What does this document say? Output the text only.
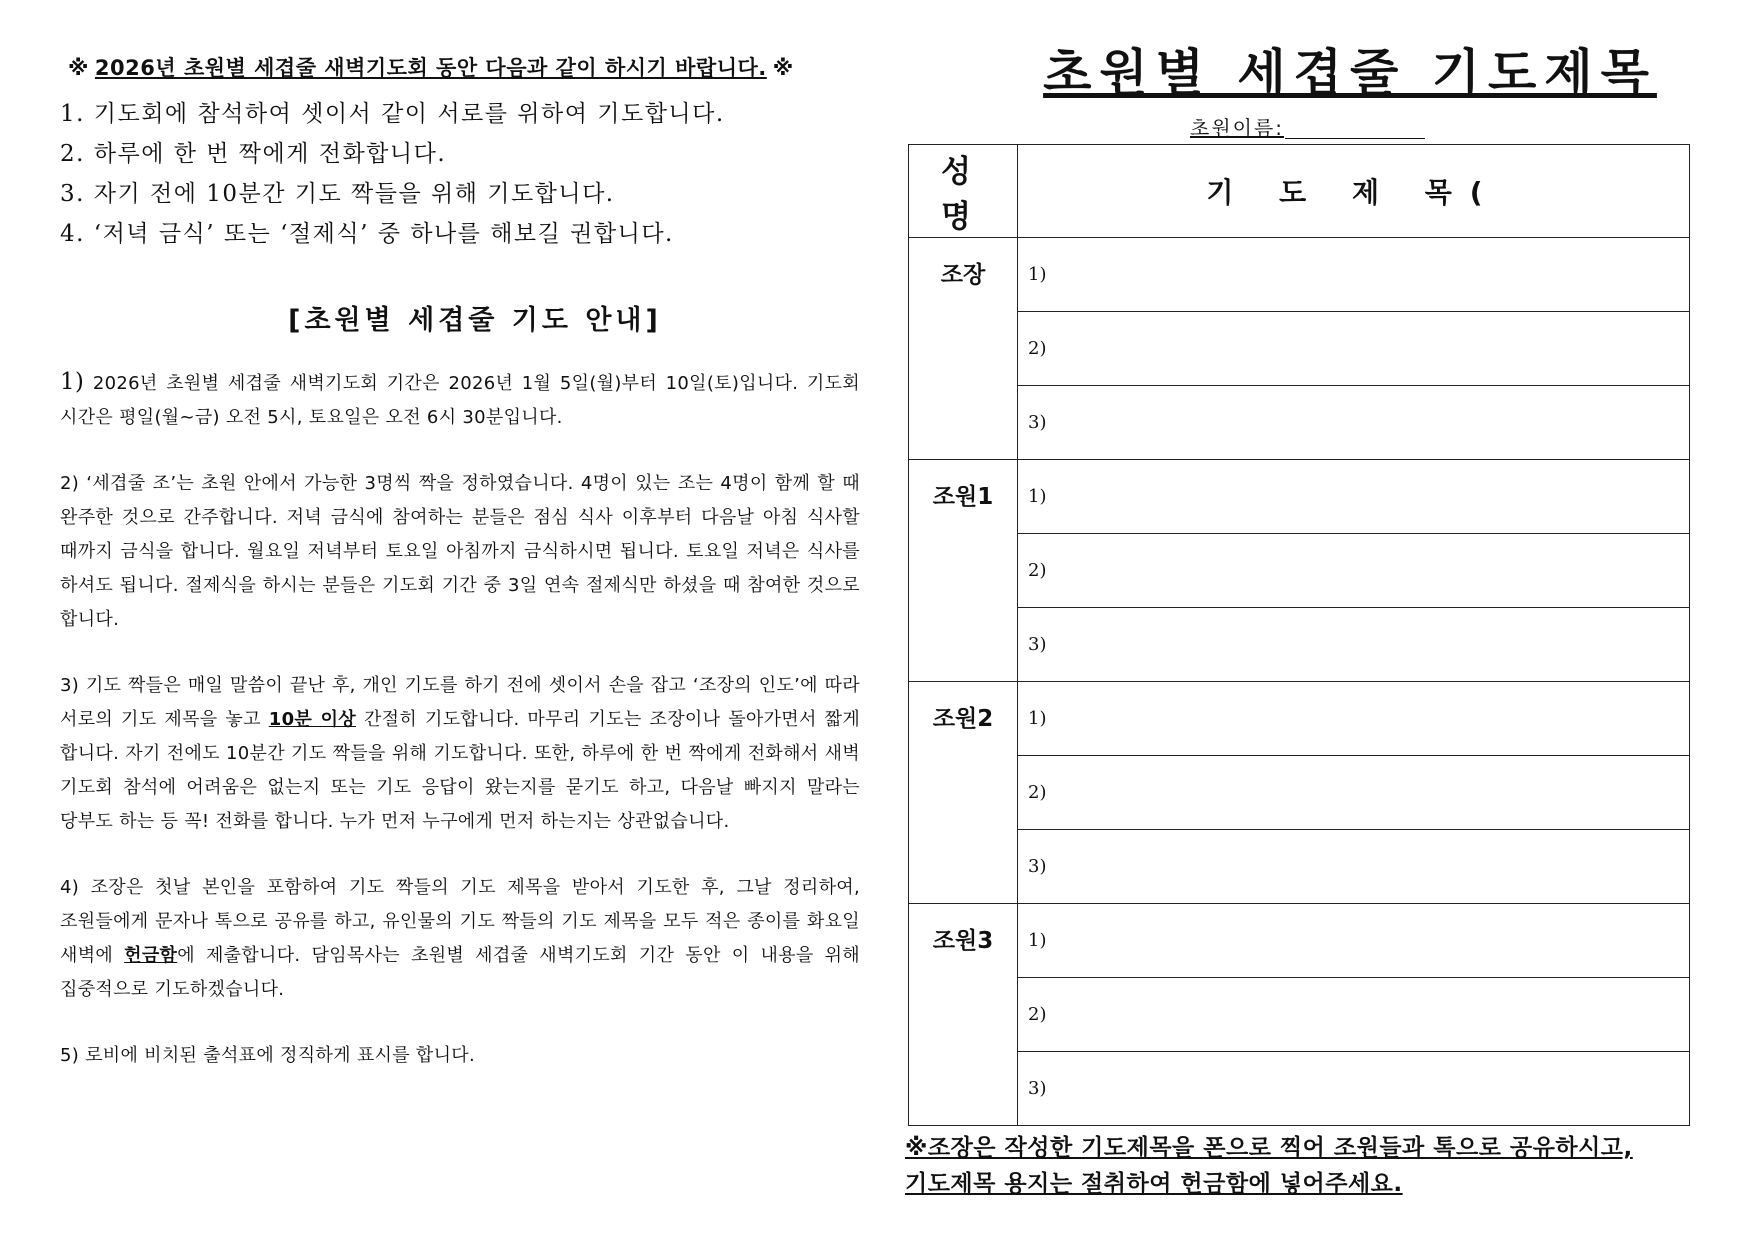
※ 2026년 초원별 세겹줄 새벽기도회 동안 다음과 같이 하시기 바랍니다. ※
1. 기도회에 참석하여 셋이서 같이 서로를 위하여 기도합니다.
2. 하루에 한 번 짝에게 전화합니다.
3. 자기 전에 10분간 기도 짝들을 위해 기도합니다.
4. ‘저녁 금식’ 또는 ‘절제식’ 중 하나를 해보길 권합니다.
[초원별 세겹줄 기도 안내]
1) 2026년 초원별 세겹줄 새벽기도회 기간은 2026년 1월 5일(월)부터 10일(토)입니다. 기도회 시간은 평일(월~금) 오전 5시, 토요일은 오전 6시 30분입니다.
2) ‘세겹줄 조’는 초원 안에서 가능한 3명씩 짝을 정하였습니다. 4명이 있는 조는 4명이 함께 할 때 완주한 것으로 간주합니다. 저녁 금식에 참여하는 분들은 점심 식사 이후부터 다음날 아침 식사할 때까지 금식을 합니다. 월요일 저녁부터 토요일 아침까지 금식하시면 됩니다. 토요일 저녁은 식사를 하셔도 됩니다. 절제식을 하시는 분들은 기도회 기간 중 3일 연속 절제식만 하셨을 때 참여한 것으로 합니다.
3) 기도 짝들은 매일 말씀이 끝난 후, 개인 기도를 하기 전에 셋이서 손을 잡고 ‘조장의 인도’에 따라 서로의 기도 제목을 놓고 10분 이상 간절히 기도합니다. 마무리 기도는 조장이나 돌아가면서 짧게 합니다. 자기 전에도 10분간 기도 짝들을 위해 기도합니다. 또한, 하루에 한 번 짝에게 전화해서 새벽 기도회 참석에 어려움은 없는지 또는 기도 응답이 왔는지를 묻기도 하고, 다음날 빠지지 말라는 당부도 하는 등 꼭! 전화를 합니다. 누가 먼저 누구에게 먼저 하는지는 상관없습니다.
4) 조장은 첫날 본인을 포함하여 기도 짝들의 기도 제목을 받아서 기도한 후, 그날 정리하여, 조원들에게 문자나 톡으로 공유를 하고, 유인물의 기도 짝들의 기도 제목을 모두 적은 종이를 화요일 새벽에 헌금함에 제출합니다. 담임목사는 초원별 세겹줄 새벽기도회 기간 동안 이 내용을 위해 집중적으로 기도하겠습니다.
5) 로비에 비치된 출석표에 정직하게 표시를 합니다.
초원별 세겹줄 기도제목
초원이름:
성 명	기 도 제 목(
조장	1)
	2)
	3)
조원1	1)
	2)
	3)
조원2	1)
	2)
	3)
조원3	1)
	2)
	3)
※조장은 작성한 기도제목을 폰으로 찍어 조원들과 톡으로 공유하시고,
기도제목 용지는 절취하여 헌금함에 넣어주세요.
